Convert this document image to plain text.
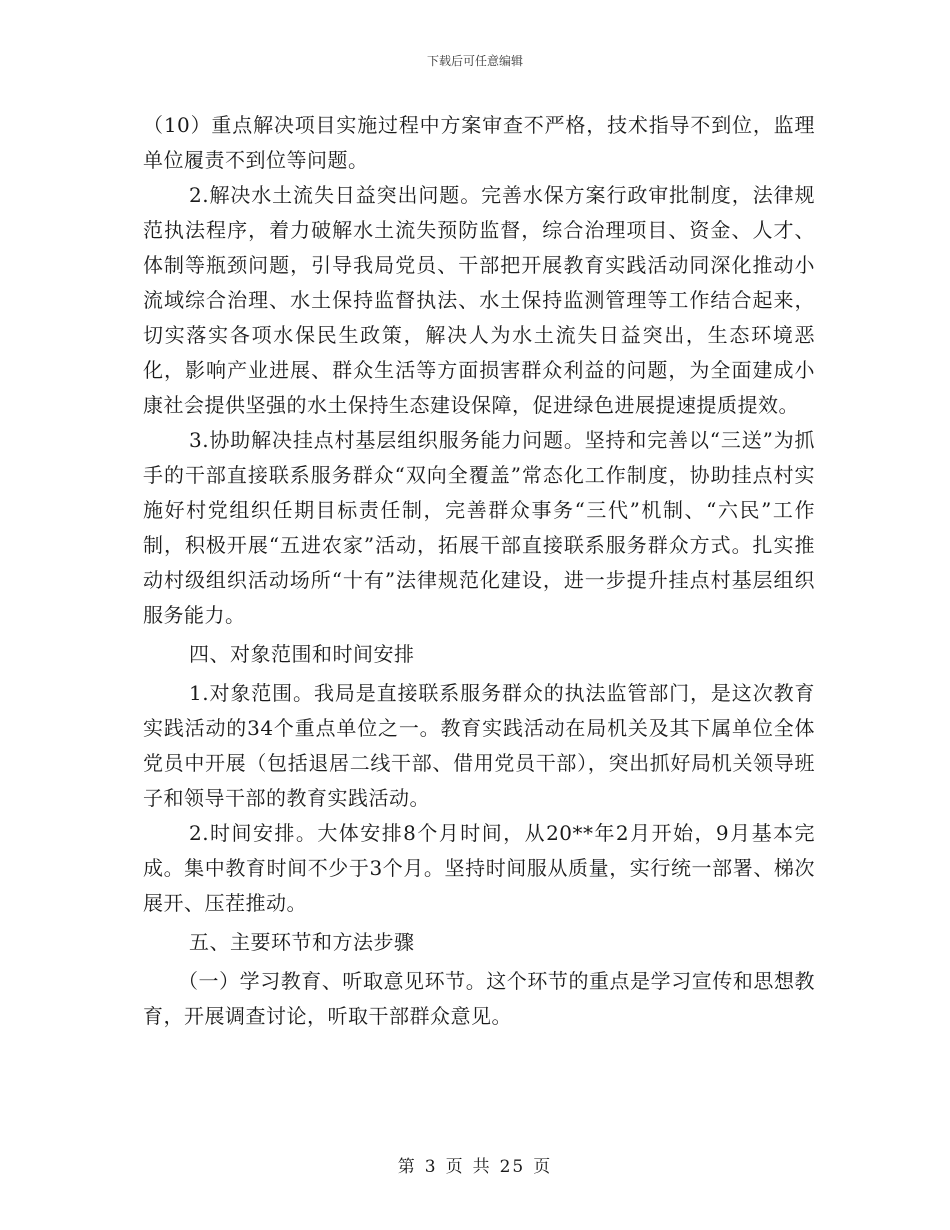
下载后可任意编辑

（10）重点解决项目实施过程中方案审查不严格，技术指导不到位，监理单位履责不到位等问题。

2.解决水土流失日益突出问题。完善水保方案行政审批制度，法律规范执法程序，着力破解水土流失预防监督，综合治理项目、资金、人才、体制等瓶颈问题，引导我局党员、干部把开展教育实践活动同深化推动小流域综合治理、水土保持监督执法、水土保持监测管理等工作结合起来，切实落实各项水保民生政策，解决人为水土流失日益突出，生态环境恶化，影响产业进展、群众生活等方面损害群众利益的问题，为全面建成小康社会提供坚强的水土保持生态建设保障，促进绿色进展提速提质提效。

3.协助解决挂点村基层组织服务能力问题。坚持和完善以“三送”为抓手的干部直接联系服务群众“双向全覆盖”常态化工作制度，协助挂点村实施好村党组织任期目标责任制，完善群众事务“三代”机制、“六民”工作制，积极开展“五进农家”活动，拓展干部直接联系服务群众方式。扎实推动村级组织活动场所“十有”法律规范化建设，进一步提升挂点村基层组织服务能力。

四、对象范围和时间安排

1.对象范围。我局是直接联系服务群众的执法监管部门，是这次教育实践活动的34个重点单位之一。教育实践活动在局机关及其下属单位全体党员中开展（包括退居二线干部、借用党员干部），突出抓好局机关领导班子和领导干部的教育实践活动。

2.时间安排。大体安排8个月时间，从20**年2月开始，9月基本完成。集中教育时间不少于3个月。坚持时间服从质量，实行统一部署、梯次展开、压茬推动。

五、主要环节和方法步骤

（一）学习教育、听取意见环节。这个环节的重点是学习宣传和思想教育，开展调查讨论，听取干部群众意见。

第 3 页 共 25 页
